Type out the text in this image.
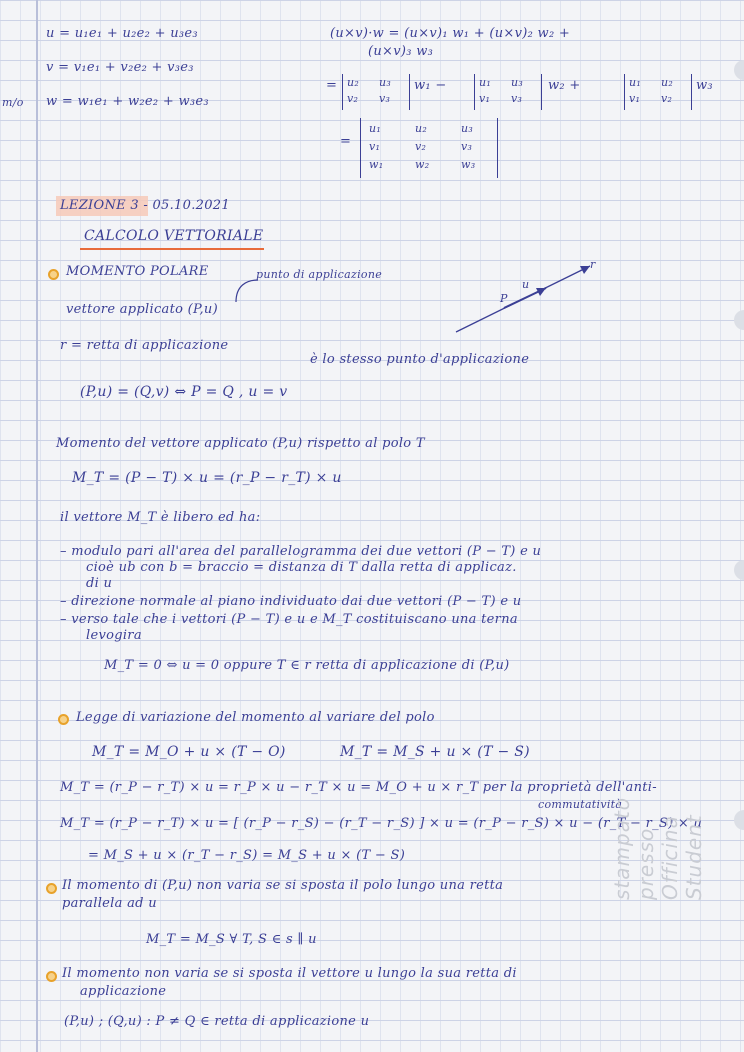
m/o
u = u₁e₁ + u₂e₂ + u₃e₃
v = v₁e₁ + v₂e₂ + v₃e₃
w = w₁e₁ + w₂e₂ + w₃e₃
(u×v)·w = (u×v)₁ w₁ + (u×v)₂ w₂ +
(u×v)₃ w₃
= u₂ u₃
v₂ v₃
w₁ −	u₁ u₃
v₁ v₃
w₂ +	u₁ u₂
v₁ v₂
w₃
=
u₁	u₂	u₃
v₁	v₂	v₃
w₁	w₂	w₃
LEZIONE 3 - 05.10.2021
CALCOLO VETTORIALE
MOMENTO POLARE	punto di applicazione
vettore applicato (P,u)
P
u
r
r = retta di applicazione
è lo stesso punto d'applicazione
(P,u) = (Q,v) ⇔ P = Q , u = v
Momento del vettore applicato (P,u) rispetto al polo T
M_T = (P − T) × u = (r_P − r_T) × u
il vettore M_T è libero ed ha:
– modulo pari all'area del parallelogramma dei due vettori (P − T) e u
cioè ub con b = braccio = distanza di T dalla retta di applicaz.
di u
– direzione normale al piano individuato dai due vettori (P − T) e u
– verso tale che i vettori (P − T) e u e M_T costituiscano una terna
levogira
M_T = 0 ⇔ u = 0 oppure T ∈ r retta di applicazione di (P,u)
Legge di variazione del momento al variare del polo
M_T = M_O + u × (T − O)	M_T = M_S + u × (T − S)
M_T = (r_P − r_T) × u = r_P × u − r_T × u = M_O + u × r_T per la proprietà dell'anti-
commutatività
M_T = (r_P − r_T) × u = [ (r_P − r_S) − (r_T − r_S) ] × u = (r_P − r_S) × u − (r_T − r_S) × u
= M_S + u × (r_T − r_S) = M_S + u × (T − S)
Il momento di (P,u) non varia se si sposta il polo lungo una retta
parallela ad u
M_T = M_S ∀ T, S ∈ s ∥ u
Il momento non varia se si sposta il vettore u lungo la sua retta di
applicazione
(P,u) ; (Q,u) : P ≠ Q ∈ retta di applicazione u
stampato presso Officina Student
